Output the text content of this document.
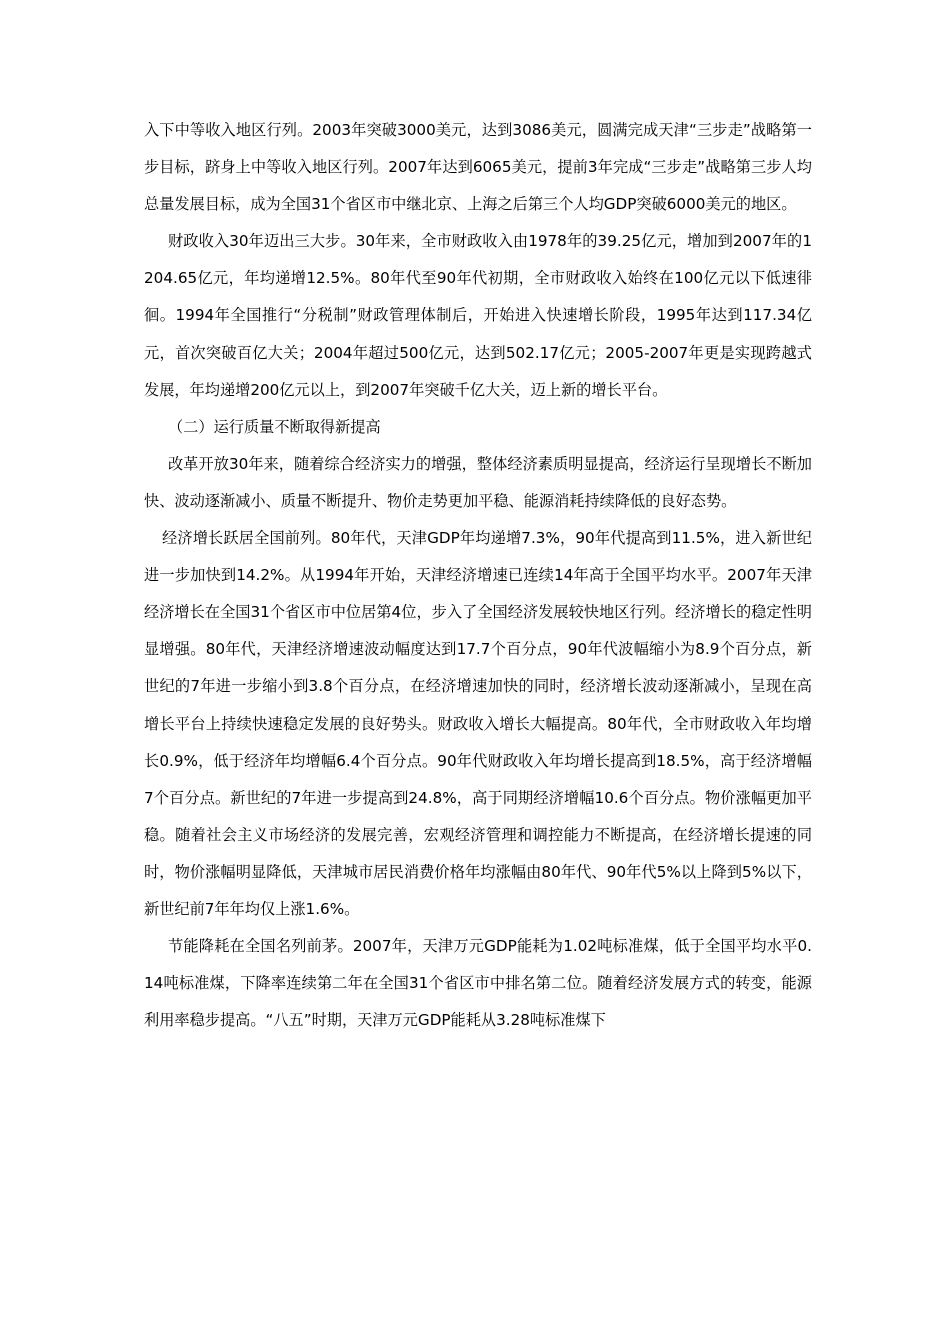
入下中等收入地区行列。2003年突破3000美元，达到3086美元，圆满完成天津“三步走”战略第一步目标，跻身上中等收入地区行列。2007年达到6065美元，提前3年完成“三步走”战略第三步人均总量发展目标，成为全国31个省区市中继北京、上海之后第三个人均GDP突破6000美元的地区。

财政收入30年迈出三大步。30年来，全市财政收入由1978年的39.25亿元，增加到2007年的1204.65亿元，年均递增12.5%。80年代至90年代初期，全市财政收入始终在100亿元以下低速徘徊。1994年全国推行“分税制”财政管理体制后，开始进入快速增长阶段，1995年达到117.34亿元，首次突破百亿大关；2004年超过500亿元，达到502.17亿元；2005-2007年更是实现跨越式发展，年均递增200亿元以上，到2007年突破千亿大关，迈上新的增长平台。

（二）运行质量不断取得新提高

改革开放30年来，随着综合经济实力的增强，整体经济素质明显提高，经济运行呈现增长不断加快、波动逐渐减小、质量不断提升、物价走势更加平稳、能源消耗持续降低的良好态势。

经济增长跃居全国前列。80年代，天津GDP年均递增7.3%，90年代提高到11.5%，进入新世纪进一步加快到14.2%。从1994年开始，天津经济增速已连续14年高于全国平均水平。2007年天津经济增长在全国31个省区市中位居第4位，步入了全国经济发展较快地区行列。经济增长的稳定性明显增强。80年代，天津经济增速波动幅度达到17.7个百分点，90年代波幅缩小为8.9个百分点，新世纪的7年进一步缩小到3.8个百分点，在经济增速加快的同时，经济增长波动逐渐减小，呈现在高增长平台上持续快速稳定发展的良好势头。财政收入增长大幅提高。80年代，全市财政收入年均增长0.9%，低于经济年均增幅6.4个百分点。90年代财政收入年均增长提高到18.5%，高于经济增幅7个百分点。新世纪的7年进一步提高到24.8%，高于同期经济增幅10.6个百分点。物价涨幅更加平稳。随着社会主义市场经济的发展完善，宏观经济管理和调控能力不断提高，在经济增长提速的同时，物价涨幅明显降低，天津城市居民消费价格年均涨幅由80年代、90年代5%以上降到5%以下，新世纪前7年年均仅上涨1.6%。

节能降耗在全国名列前茅。2007年，天津万元GDP能耗为1.02吨标准煤，低于全国平均水平0.14吨标准煤，下降率连续第二年在全国31个省区市中排名第二位。随着经济发展方式的转变，能源利用率稳步提高。“八五”时期，天津万元GDP能耗从3.28吨标准煤下
